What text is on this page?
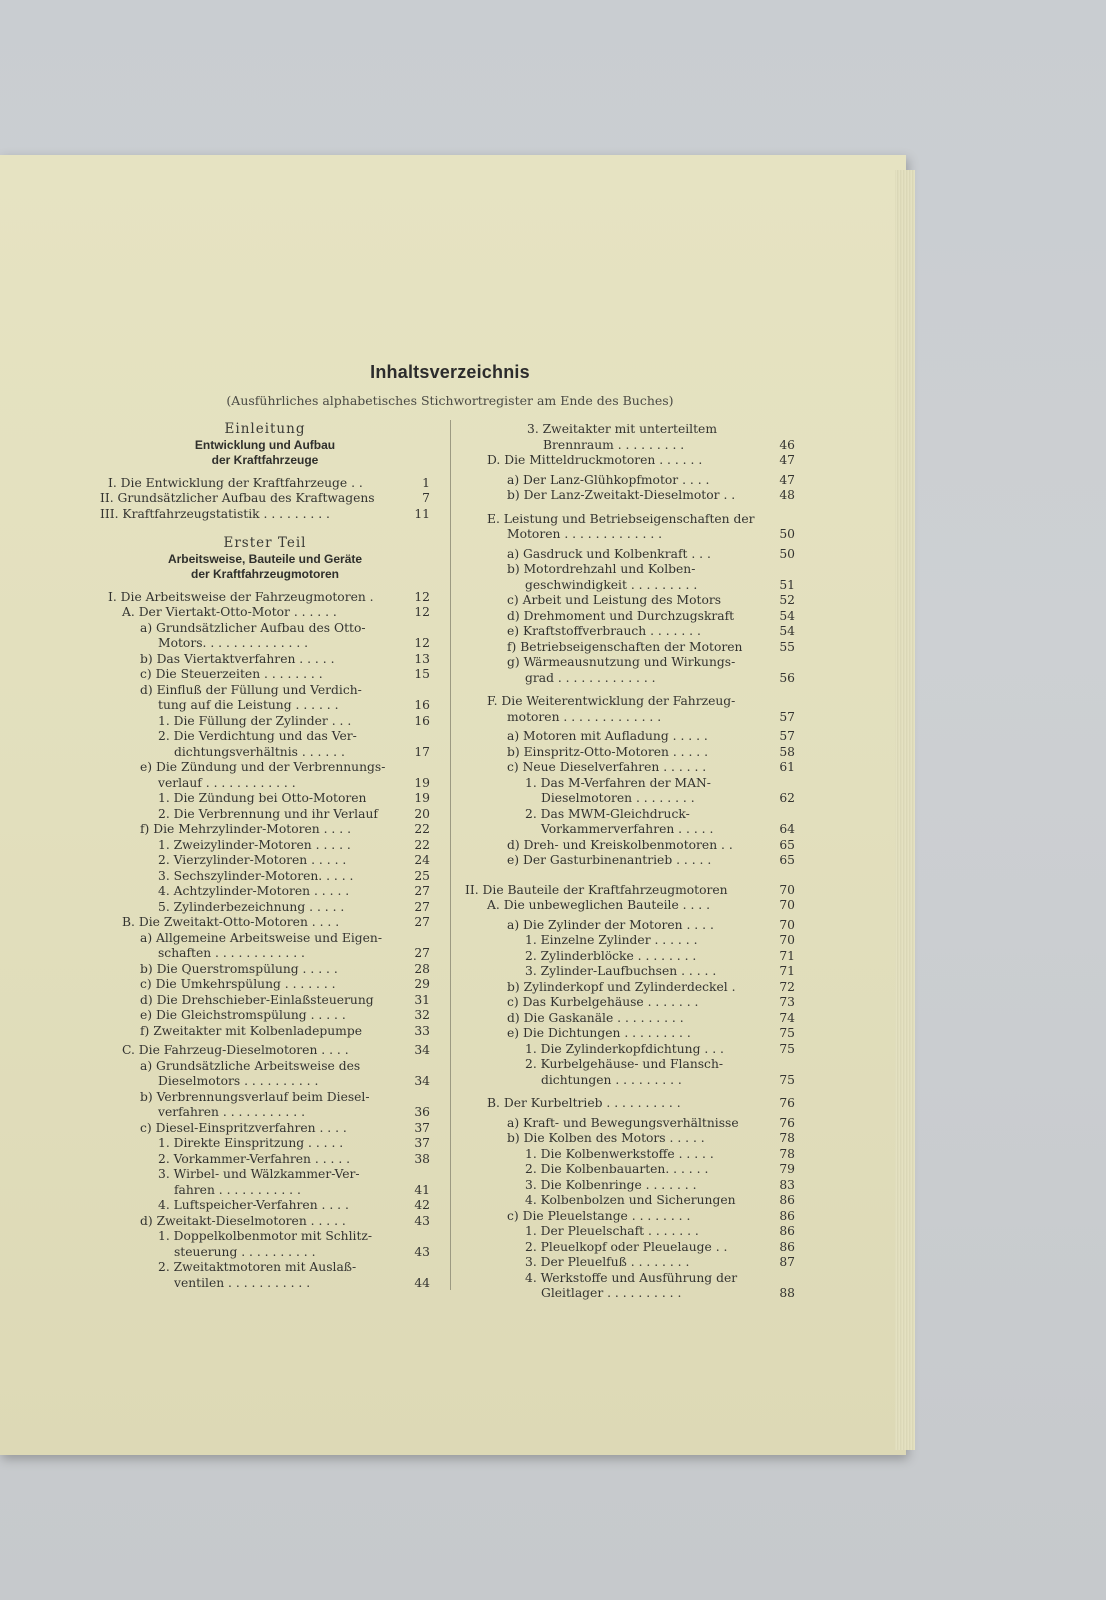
Inhaltsverzeichnis
(Ausführliches alphabetisches Stichwortregister am Ende des Buches)
Einleitung
Entwicklung und Aufbau
der Kraftfahrzeuge
I. Die Entwicklung der Kraftfahrzeuge . .	1
II. Grundsätzlicher Aufbau des Kraftwagens	7
III. Kraftfahrzeugstatistik . . . . . . . . .	11
Erster Teil
Arbeitsweise, Bauteile und Geräte
der Kraftfahrzeugmotoren
I. Die Arbeitsweise der Fahrzeugmotoren .	12
A. Der Viertakt-Otto-Motor . . . . . .	12
a) Grundsätzlicher Aufbau des Otto-
Motors. . . . . . . . . . . . . .	12
b) Das Viertaktverfahren . . . . .	13
c) Die Steuerzeiten . . . . . . . .	15
d) Einfluß der Füllung und Verdich-
tung auf die Leistung . . . . . .	16
1. Die Füllung der Zylinder . . .	16
2. Die Verdichtung und das Ver-
dichtungsverhältnis . . . . . .	17
e) Die Zündung und der Verbrennungs-
verlauf . . . . . . . . . . . .	19
1. Die Zündung bei Otto-Motoren	19
2. Die Verbrennung und ihr Verlauf	20
f) Die Mehrzylinder-Motoren . . . .	22
1. Zweizylinder-Motoren . . . . .	22
2. Vierzylinder-Motoren . . . . .	24
3. Sechszylinder-Motoren. . . . .	25
4. Achtzylinder-Motoren . . . . .	27
5. Zylinderbezeichnung . . . . .	27
B. Die Zweitakt-Otto-Motoren . . . .	27
a) Allgemeine Arbeitsweise und Eigen-
schaften . . . . . . . . . . . .	27
b) Die Querstromspülung . . . . .	28
c) Die Umkehrspülung . . . . . . .	29
d) Die Drehschieber-Einlaßsteuerung	31
e) Die Gleichstromspülung . . . . .	32
f) Zweitakter mit Kolbenladepumpe	33
C. Die Fahrzeug-Dieselmotoren . . . .	34
a) Grundsätzliche Arbeitsweise des
Dieselmotors . . . . . . . . . .	34
b) Verbrennungsverlauf beim Diesel-
verfahren . . . . . . . . . . .	36
c) Diesel-Einspritzverfahren . . . .	37
1. Direkte Einspritzung . . . . .	37
2. Vorkammer-Verfahren . . . . .	38
3. Wirbel- und Wälzkammer-Ver-
fahren . . . . . . . . . . .	41
4. Luftspeicher-Verfahren . . . .	42
d) Zweitakt-Dieselmotoren . . . . .	43
1. Doppelkolbenmotor mit Schlitz-
steuerung . . . . . . . . . .	43
2. Zweitaktmotoren mit Auslaß-
ventilen . . . . . . . . . . .	44
3. Zweitakter mit unterteiltem
Brennraum . . . . . . . . .	46
D. Die Mitteldruckmotoren . . . . . .	47
a) Der Lanz-Glühkopfmotor . . . .	47
b) Der Lanz-Zweitakt-Dieselmotor . .	48
E. Leistung und Betriebseigenschaften der
Motoren . . . . . . . . . . . . .	50
a) Gasdruck und Kolbenkraft . . .	50
b) Motordrehzahl und Kolben-
geschwindigkeit . . . . . . . . .	51
c) Arbeit und Leistung des Motors	52
d) Drehmoment und Durchzugskraft	54
e) Kraftstoffverbrauch . . . . . . .	54
f) Betriebseigenschaften der Motoren	55
g) Wärmeausnutzung und Wirkungs-
grad . . . . . . . . . . . . .	56
F. Die Weiterentwicklung der Fahrzeug-
motoren . . . . . . . . . . . . .	57
a) Motoren mit Aufladung . . . . .	57
b) Einspritz-Otto-Motoren . . . . .	58
c) Neue Dieselverfahren . . . . . .	61
1. Das M-Verfahren der MAN-
Dieselmotoren . . . . . . . .	62
2. Das MWM-Gleichdruck-
Vorkammerverfahren . . . . .	64
d) Dreh- und Kreiskolbenmotoren . .	65
e) Der Gasturbinenantrieb . . . . .	65
II. Die Bauteile der Kraftfahrzeugmotoren	70
A. Die unbeweglichen Bauteile . . . .	70
a) Die Zylinder der Motoren . . . .	70
1. Einzelne Zylinder . . . . . .	70
2. Zylinderblöcke . . . . . . . .	71
3. Zylinder-Laufbuchsen . . . . .	71
b) Zylinderkopf und Zylinderdeckel .	72
c) Das Kurbelgehäuse . . . . . . .	73
d) Die Gaskanäle . . . . . . . . .	74
e) Die Dichtungen . . . . . . . . .	75
1. Die Zylinderkopfdichtung . . .	75
2. Kurbelgehäuse- und Flansch-
dichtungen . . . . . . . . .	75
B. Der Kurbeltrieb . . . . . . . . . .	76
a) Kraft- und Bewegungsverhältnisse	76
b) Die Kolben des Motors . . . . .	78
1. Die Kolbenwerkstoffe . . . . .	78
2. Die Kolbenbauarten. . . . . .	79
3. Die Kolbenringe . . . . . . .	83
4. Kolbenbolzen und Sicherungen	86
c) Die Pleuelstange . . . . . . . .	86
1. Der Pleuelschaft . . . . . . .	86
2. Pleuelkopf oder Pleuelauge . .	86
3. Der Pleuelfuß . . . . . . . .	87
4. Werkstoffe und Ausführung der
Gleitlager . . . . . . . . . .	88
